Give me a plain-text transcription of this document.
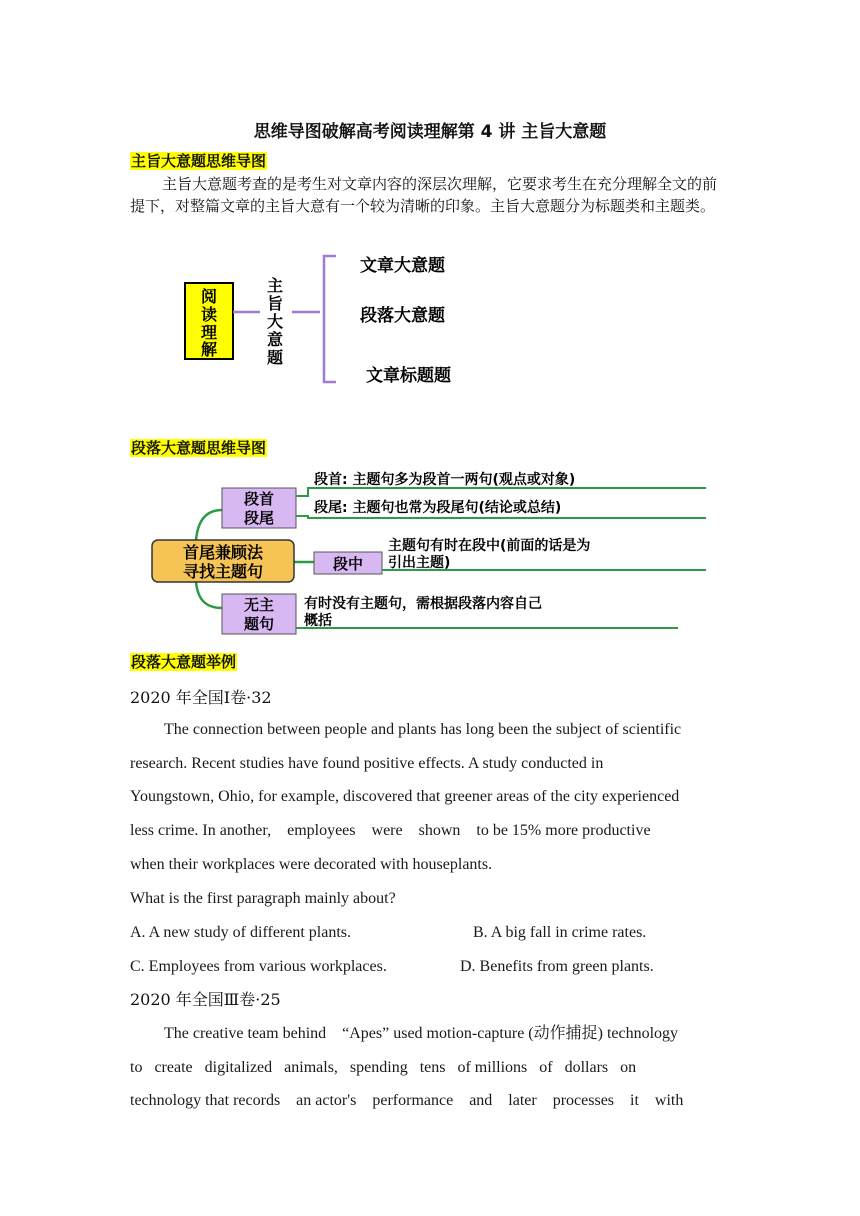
思维导图破解高考阅读理解第 4 讲 主旨大意题
主旨大意题思维导图
主旨大意题考查的是考生对文章内容的深层次理解，它要求考生在充分理解全文的前提下，对整篇文章的主旨大意有一个较为清晰的印象。主旨大意题分为标题类和主题类。
阅
读
理
解
主
旨
大
意
题
文章大意题
段落大意题
文章标题题
段落大意题思维导图
首尾兼顾法
寻找主题句
段首
段尾
段首: 主题句多为段首一两句(观点或对象)
段尾: 主题句也常为段尾句(结论或总结)
段中
主题句有时在段中(前面的话是为
引出主题)
无主
题句
有时没有主题句，需根据段落内容自己
概括
段落大意题举例
2020 年全国Ⅰ卷·32
The connection between people and plants has long been the subject of scientific
research. Recent studies have found positive effects. A study conducted in
Youngstown, Ohio, for example, discovered that greener areas of the city experienced
less crime. In another,    employees    were    shown    to be 15% more productive
when their workplaces were decorated with houseplants.
What is the first paragraph mainly about?
A. A new study of different plants.	B. A big fall in crime rates.
C. Employees from various workplaces.	D. Benefits from green plants.
2020 年全国Ⅲ卷·25
The creative team behind    “Apes” used motion-capture (动作捕捉) technology
to   create   digitalized   animals,   spending   tens   of millions   of   dollars   on
technology that records    an actor's    performance    and    later    processes    it    with
